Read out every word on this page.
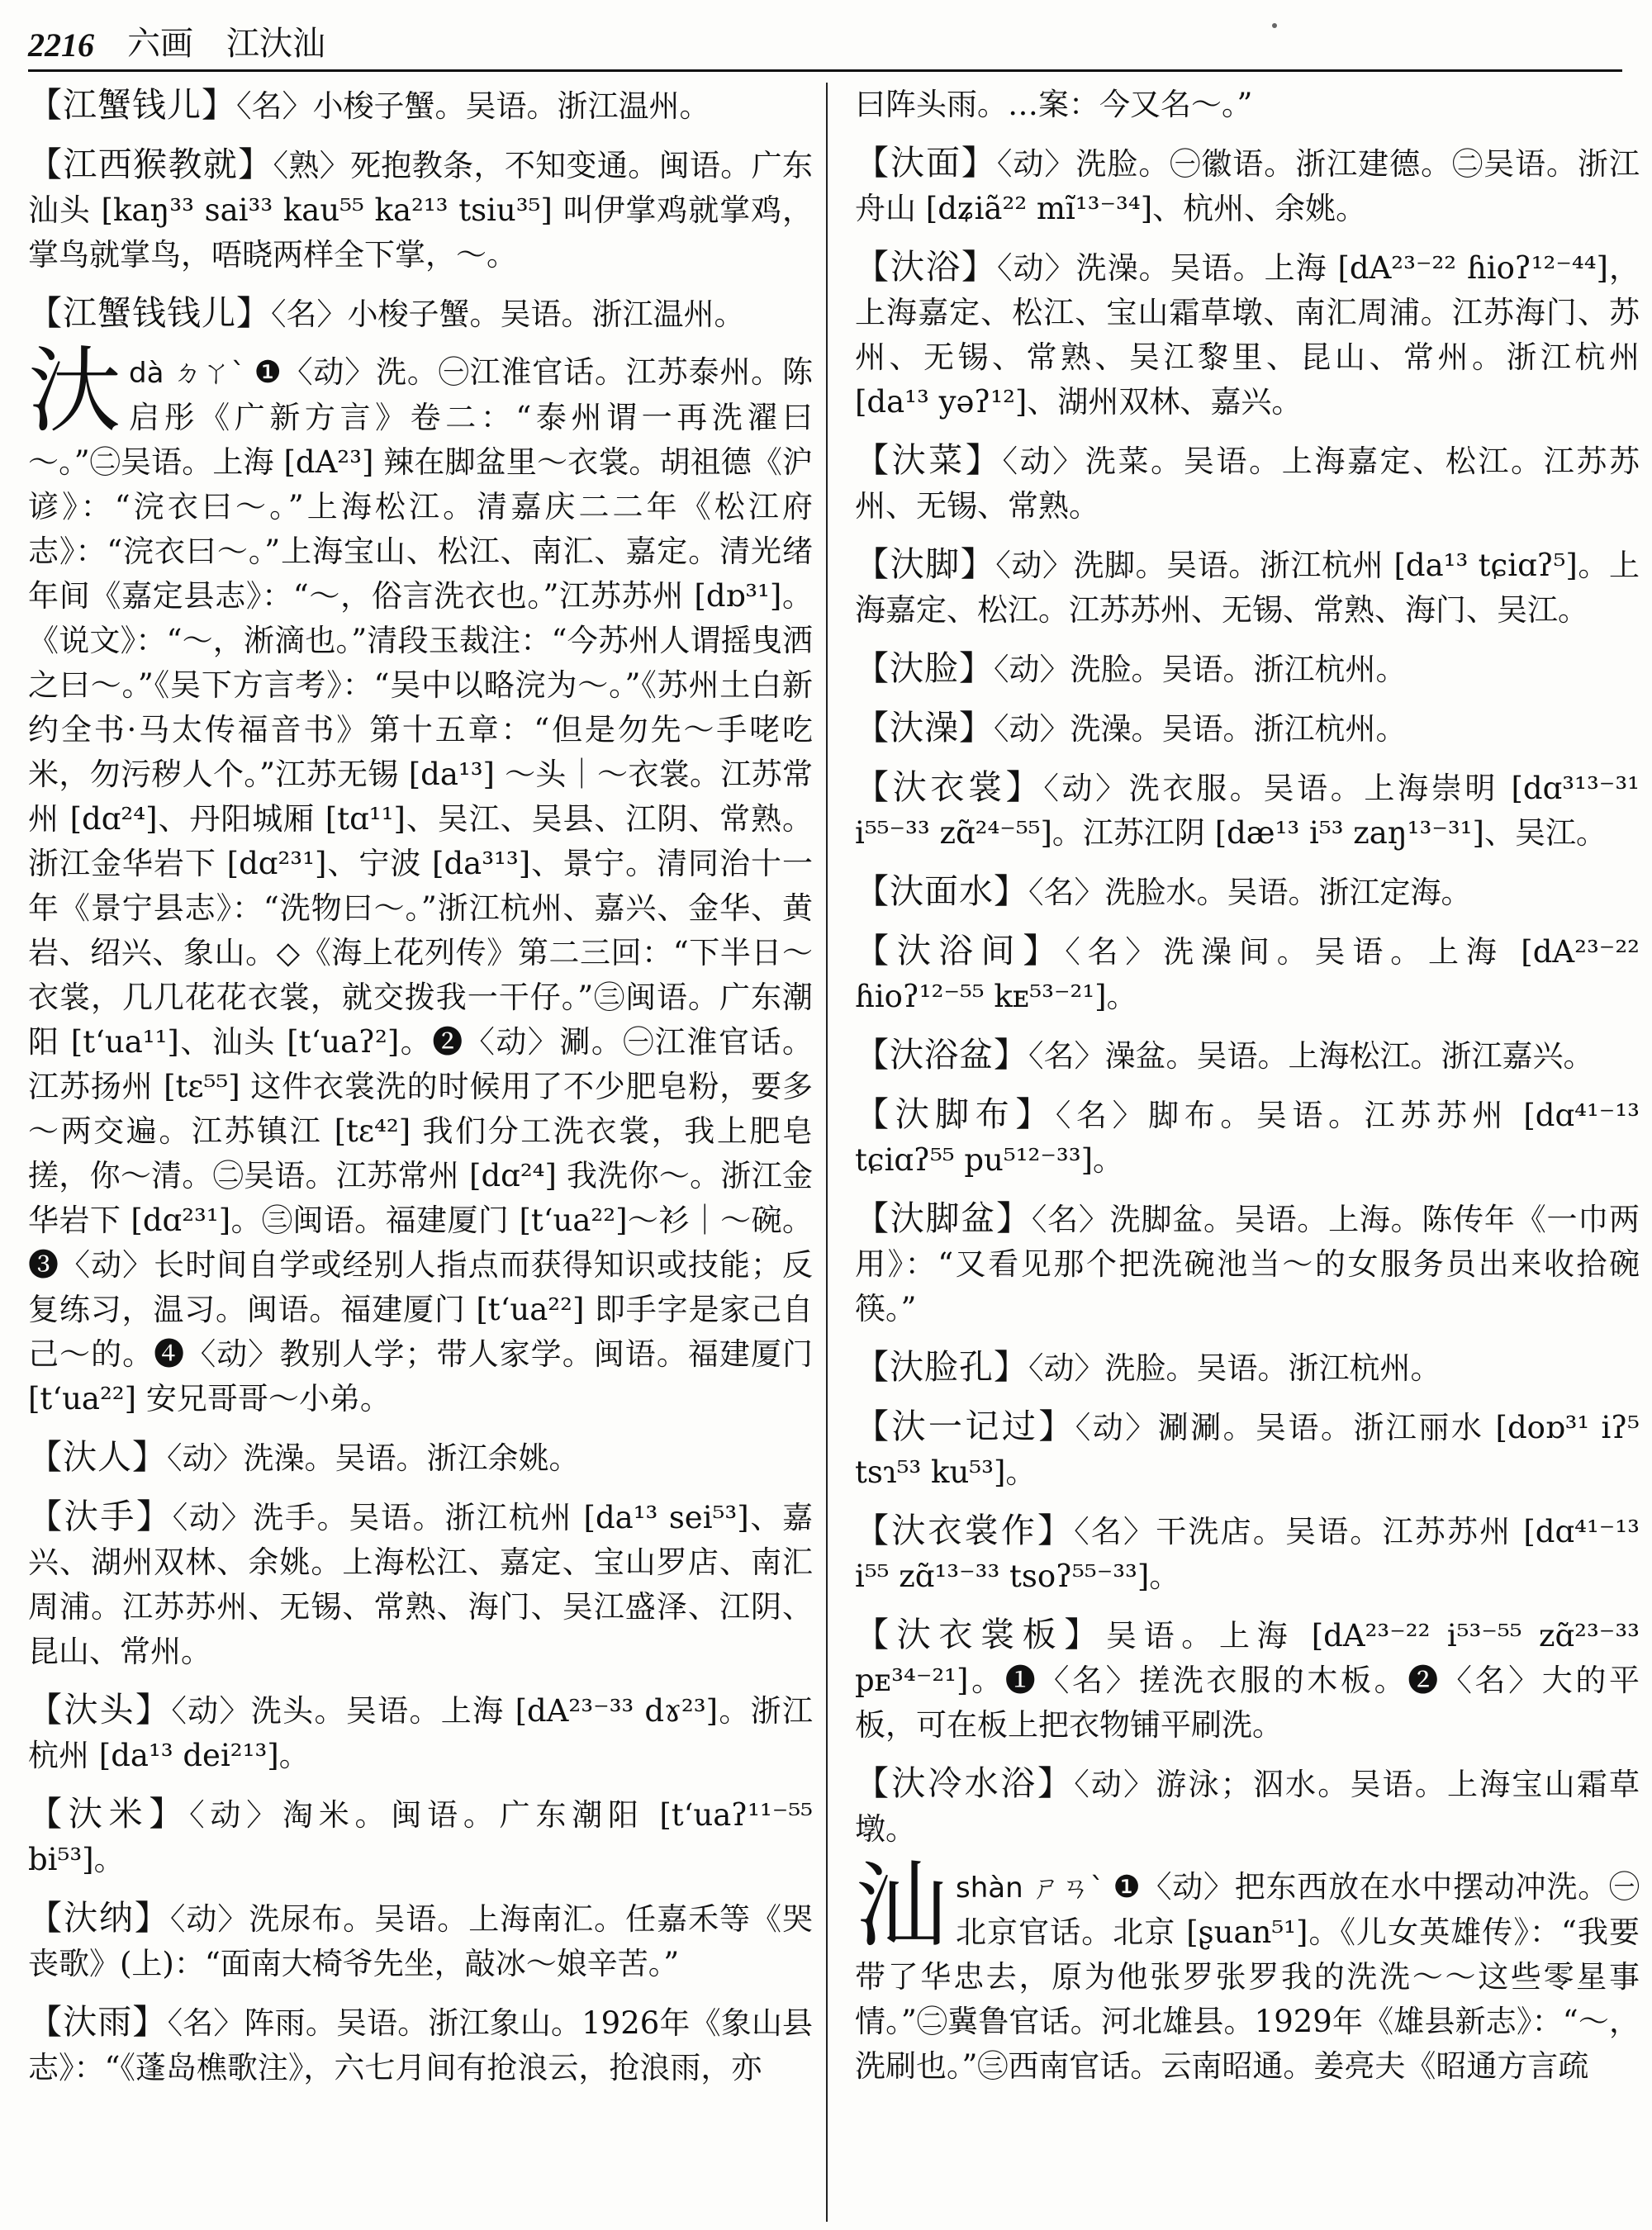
2216 六画 江汏汕

【江蟹钱儿】〈名〉小梭子蟹。吴语。浙江温州。

【江西猴教就】〈熟〉死抱教条，不知变通。闽语。广东汕头 [kaŋ³³ sai³³ kau⁵⁵ ka²¹³ tsiu³⁵] 叫伊掌鸡就掌鸡，掌鸟就掌鸟，唔晓两样全下掌，～。

【江蟹钱钱儿】〈名〉小梭子蟹。吴语。浙江温州。

汏dà ㄉㄚˋ ❶〈动〉洗。㊀江淮官话。江苏泰州。陈启彤《广新方言》卷二：“泰州谓一再洗濯曰～。”㊁吴语。上海 [dA²³] 辣在脚盆里～衣裳。胡祖德《沪谚》：“浣衣曰～。”上海松江。清嘉庆二二年《松江府志》：“浣衣曰～。”上海宝山、松江、南汇、嘉定。清光绪年间《嘉定县志》：“～，俗言洗衣也。”江苏苏州 [dɒ³¹]。《说文》：“～，淅滴也。”清段玉裁注：“今苏州人谓摇曳洒之曰～。”《吴下方言考》：“吴中以略浣为～。”《苏州土白新约全书·马太传福音书》第十五章：“但是勿先～手咾吃米，勿污秽人个。”江苏无锡 [da¹³] ～头｜～衣裳。江苏常州 [dɑ²⁴]、丹阳城厢 [tɑ¹¹]、吴江、吴县、江阴、常熟。浙江金华岩下 [dɑ²³¹]、宁波 [da³¹³]、景宁。清同治十一年《景宁县志》：“洗物曰～。”浙江杭州、嘉兴、金华、黄岩、绍兴、象山。◇《海上花列传》第二三回：“下半日～衣裳，几几花花衣裳，就交拨我一干仔。”㊂闽语。广东潮阳 [tʻua¹¹]、汕头 [tʻuaʔ²]。❷〈动〉涮。㊀江淮官话。江苏扬州 [tɛ⁵⁵] 这件衣裳洗的时候用了不少肥皂粉，要多～两交遍。江苏镇江 [tɛ⁴²] 我们分工洗衣裳，我上肥皂搓，你～清。㊁吴语。江苏常州 [dɑ²⁴] 我洗你～。浙江金华岩下 [dɑ²³¹]。㊂闽语。福建厦门 [tʻua²²]～衫｜～碗。❸〈动〉长时间自学或经别人指点而获得知识或技能；反复练习，温习。闽语。福建厦门 [tʻua²²] 即手字是家己自己～的。❹〈动〉教别人学；带人家学。闽语。福建厦门 [tʻua²²] 安兄哥哥～小弟。

【汏人】〈动〉洗澡。吴语。浙江余姚。

【汏手】〈动〉洗手。吴语。浙江杭州 [da¹³ sei⁵³]、嘉兴、湖州双林、余姚。上海松江、嘉定、宝山罗店、南汇周浦。江苏苏州、无锡、常熟、海门、吴江盛泽、江阴、昆山、常州。

【汏头】〈动〉洗头。吴语。上海 [dA²³⁻³³ dɤ²³]。浙江杭州 [da¹³ dei²¹³]。

【汏米】〈动〉淘米。闽语。广东潮阳 [tʻuaʔ¹¹⁻⁵⁵ bi⁵³]。

【汏纳】〈动〉洗尿布。吴语。上海南汇。任嘉禾等《哭丧歌》(上)：“面南大椅爷先坐，敲冰～娘辛苦。”

【汏雨】〈名〉阵雨。吴语。浙江象山。1926年《象山县志》：“《蓬岛樵歌注》，六七月间有抢浪云，抢浪雨，亦

曰阵头雨。…案：今又名～。”

【汏面】〈动〉洗脸。㊀徽语。浙江建德。㊁吴语。浙江舟山 [dʑiã²² mĩ¹³⁻³⁴]、杭州、余姚。

【汏浴】〈动〉洗澡。吴语。上海 [dA²³⁻²² ɦioʔ¹²⁻⁴⁴]，上海嘉定、松江、宝山霜草墩、南汇周浦。江苏海门、苏州、无锡、常熟、吴江黎里、昆山、常州。浙江杭州 [da¹³ yəʔ¹²]、湖州双林、嘉兴。

【汏菜】〈动〉洗菜。吴语。上海嘉定、松江。江苏苏州、无锡、常熟。

【汏脚】〈动〉洗脚。吴语。浙江杭州 [da¹³ tɕiɑʔ⁵]。上海嘉定、松江。江苏苏州、无锡、常熟、海门、吴江。

【汏脸】〈动〉洗脸。吴语。浙江杭州。

【汏澡】〈动〉洗澡。吴语。浙江杭州。

【汏衣裳】〈动〉洗衣服。吴语。上海崇明 [dɑ³¹³⁻³¹ i⁵⁵⁻³³ zɑ̃²⁴⁻⁵⁵]。江苏江阴 [dæ¹³ i⁵³ zaŋ¹³⁻³¹]、吴江。

【汏面水】〈名〉洗脸水。吴语。浙江定海。

【汏浴间】〈名〉洗澡间。吴语。上海 [dA²³⁻²² ɦioʔ¹²⁻⁵⁵ kᴇ⁵³⁻²¹]。

【汏浴盆】〈名〉澡盆。吴语。上海松江。浙江嘉兴。

【汏脚布】〈名〉脚布。吴语。江苏苏州 [dɑ⁴¹⁻¹³ tɕiɑʔ⁵⁵ pu⁵¹²⁻³³]。

【汏脚盆】〈名〉洗脚盆。吴语。上海。陈传年《一巾两用》：“又看见那个把洗碗池当～的女服务员出来收拾碗筷。”

【汏脸孔】〈动〉洗脸。吴语。浙江杭州。

【汏一记过】〈动〉涮涮。吴语。浙江丽水 [doɒ³¹ iʔ⁵ tsɿ⁵³ ku⁵³]。

【汏衣裳作】〈名〉干洗店。吴语。江苏苏州 [dɑ⁴¹⁻¹³ i⁵⁵ zɑ̃¹³⁻³³ tsoʔ⁵⁵⁻³³]。

【汏衣裳板】吴语。上海 [dA²³⁻²² i⁵³⁻⁵⁵ zɑ̃²³⁻³³ pᴇ³⁴⁻²¹]。❶〈名〉搓洗衣服的木板。❷〈名〉大的平板，可在板上把衣物铺平刷洗。

【汏冷水浴】〈动〉游泳；泅水。吴语。上海宝山霜草墩。

汕shàn ㄕㄢˋ ❶〈动〉把东西放在水中摆动冲洗。㊀北京官话。北京 [ʂuan⁵¹]。《儿女英雄传》：“我要带了华忠去，原为他张罗张罗我的洗洗～～这些零星事情。”㊁冀鲁官话。河北雄县。1929年《雄县新志》：“～，洗刷也。”㊂西南官话。云南昭通。姜亮夫《昭通方言疏
